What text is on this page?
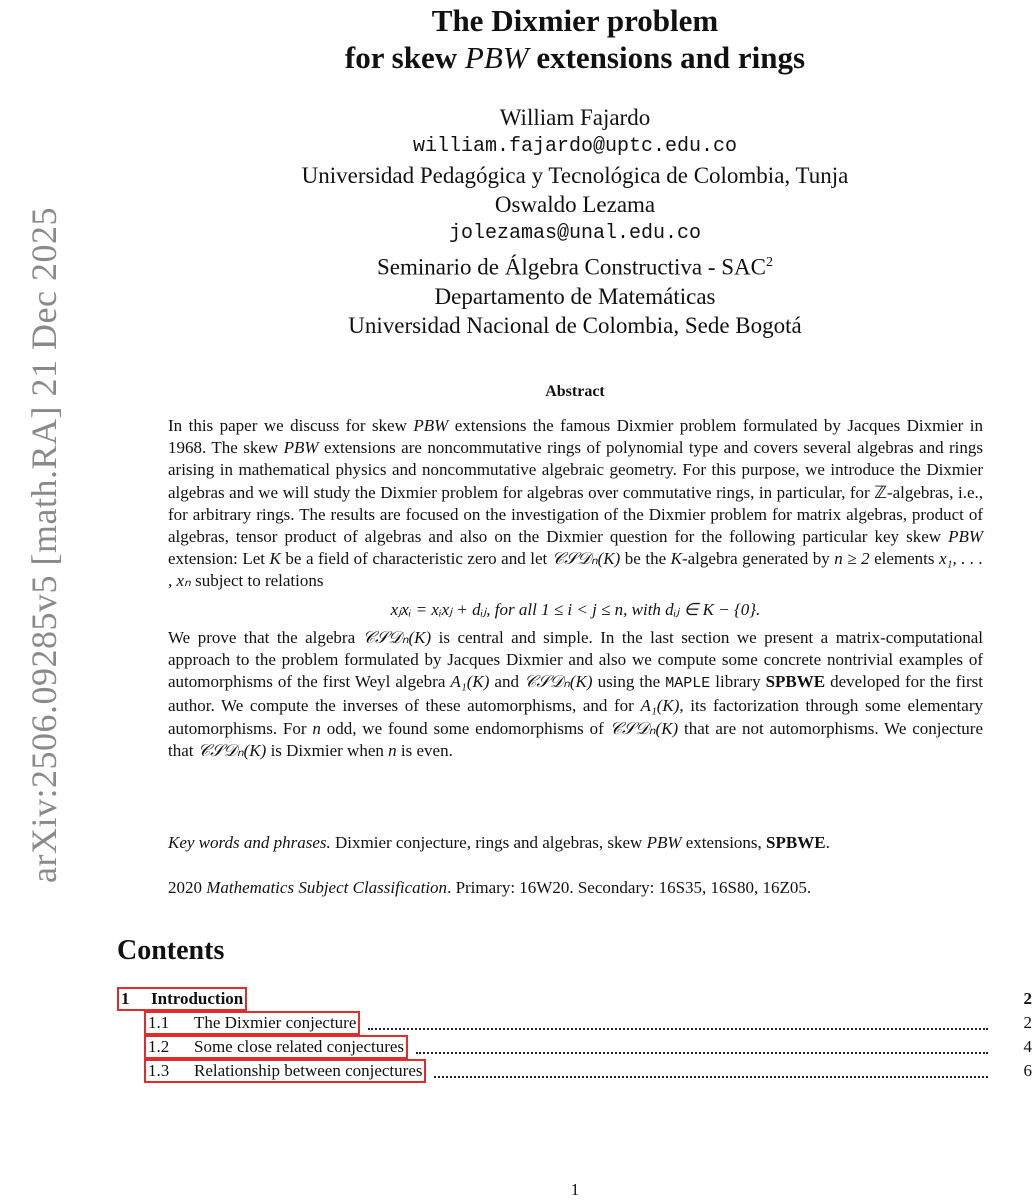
arXiv:2506.09285v5 [math.RA] 21 Dec 2025
The Dixmier problem
for skew PBW extensions and rings
William Fajardo
william.fajardo@uptc.edu.co
Universidad Pedagógica y Tecnológica de Colombia, Tunja
Oswaldo Lezama
jolezamas@unal.edu.co
Seminario de Álgebra Constructiva - SAC$^2$
Departamento de Matemáticas
Universidad Nacional de Colombia, Sede Bogotá
Abstract

In this paper we discuss for skew PBW extensions the famous Dixmier problem formulated by Jacques Dixmier in 1968. The skew PBW extensions are noncommutative rings of polynomial type and covers several algebras and rings arising in mathematical physics and noncommutative algebraic geometry. For this purpose, we introduce the Dixmier algebras and we will study the Dixmier problem for algebras over commutative rings, in particular, for ℤ-algebras, i.e., for arbitrary rings. The results are focused on the investigation of the Dixmier problem for matrix algebras, product of algebras, tensor product of algebras and also on the Dixmier question for the following particular key skew PBW extension: Let K be a field of characteristic zero and let 𝒞𝒮𝒟ₙ(K) be the K-algebra generated by n ≥ 2 elements x₁, . . . , xₙ subject to relations

xⱼxᵢ = xᵢxⱼ + dᵢⱼ, for all 1 ≤ i < j ≤ n, with dᵢⱼ ∈ K − {0}.

We prove that the algebra 𝒞𝒮𝒟ₙ(K) is central and simple. In the last section we present a matrix-computational approach to the problem formulated by Jacques Dixmier and also we compute some concrete nontrivial examples of automorphisms of the first Weyl algebra A₁(K) and 𝒞𝒮𝒟ₙ(K) using the MAPLE library SPBWE developed for the first author. We compute the inverses of these automorphisms, and for A₁(K), its factorization through some elementary automorphisms. For n odd, we found some endomorphisms of 𝒞𝒮𝒟ₙ(K) that are not automorphisms. We conjecture that 𝒞𝒮𝒟ₙ(K) is Dixmier when n is even.

Key words and phrases. Dixmier conjecture, rings and algebras, skew PBW extensions, SPBWE.
2020 Mathematics Subject Classification. Primary: 16W20. Secondary: 16S35, 16S80, 16Z05.
Contents
1 Introduction	2
1.1 The Dixmier conjecture	2
1.2 Some close related conjectures	4
1.3 Relationship between conjectures	6
1
